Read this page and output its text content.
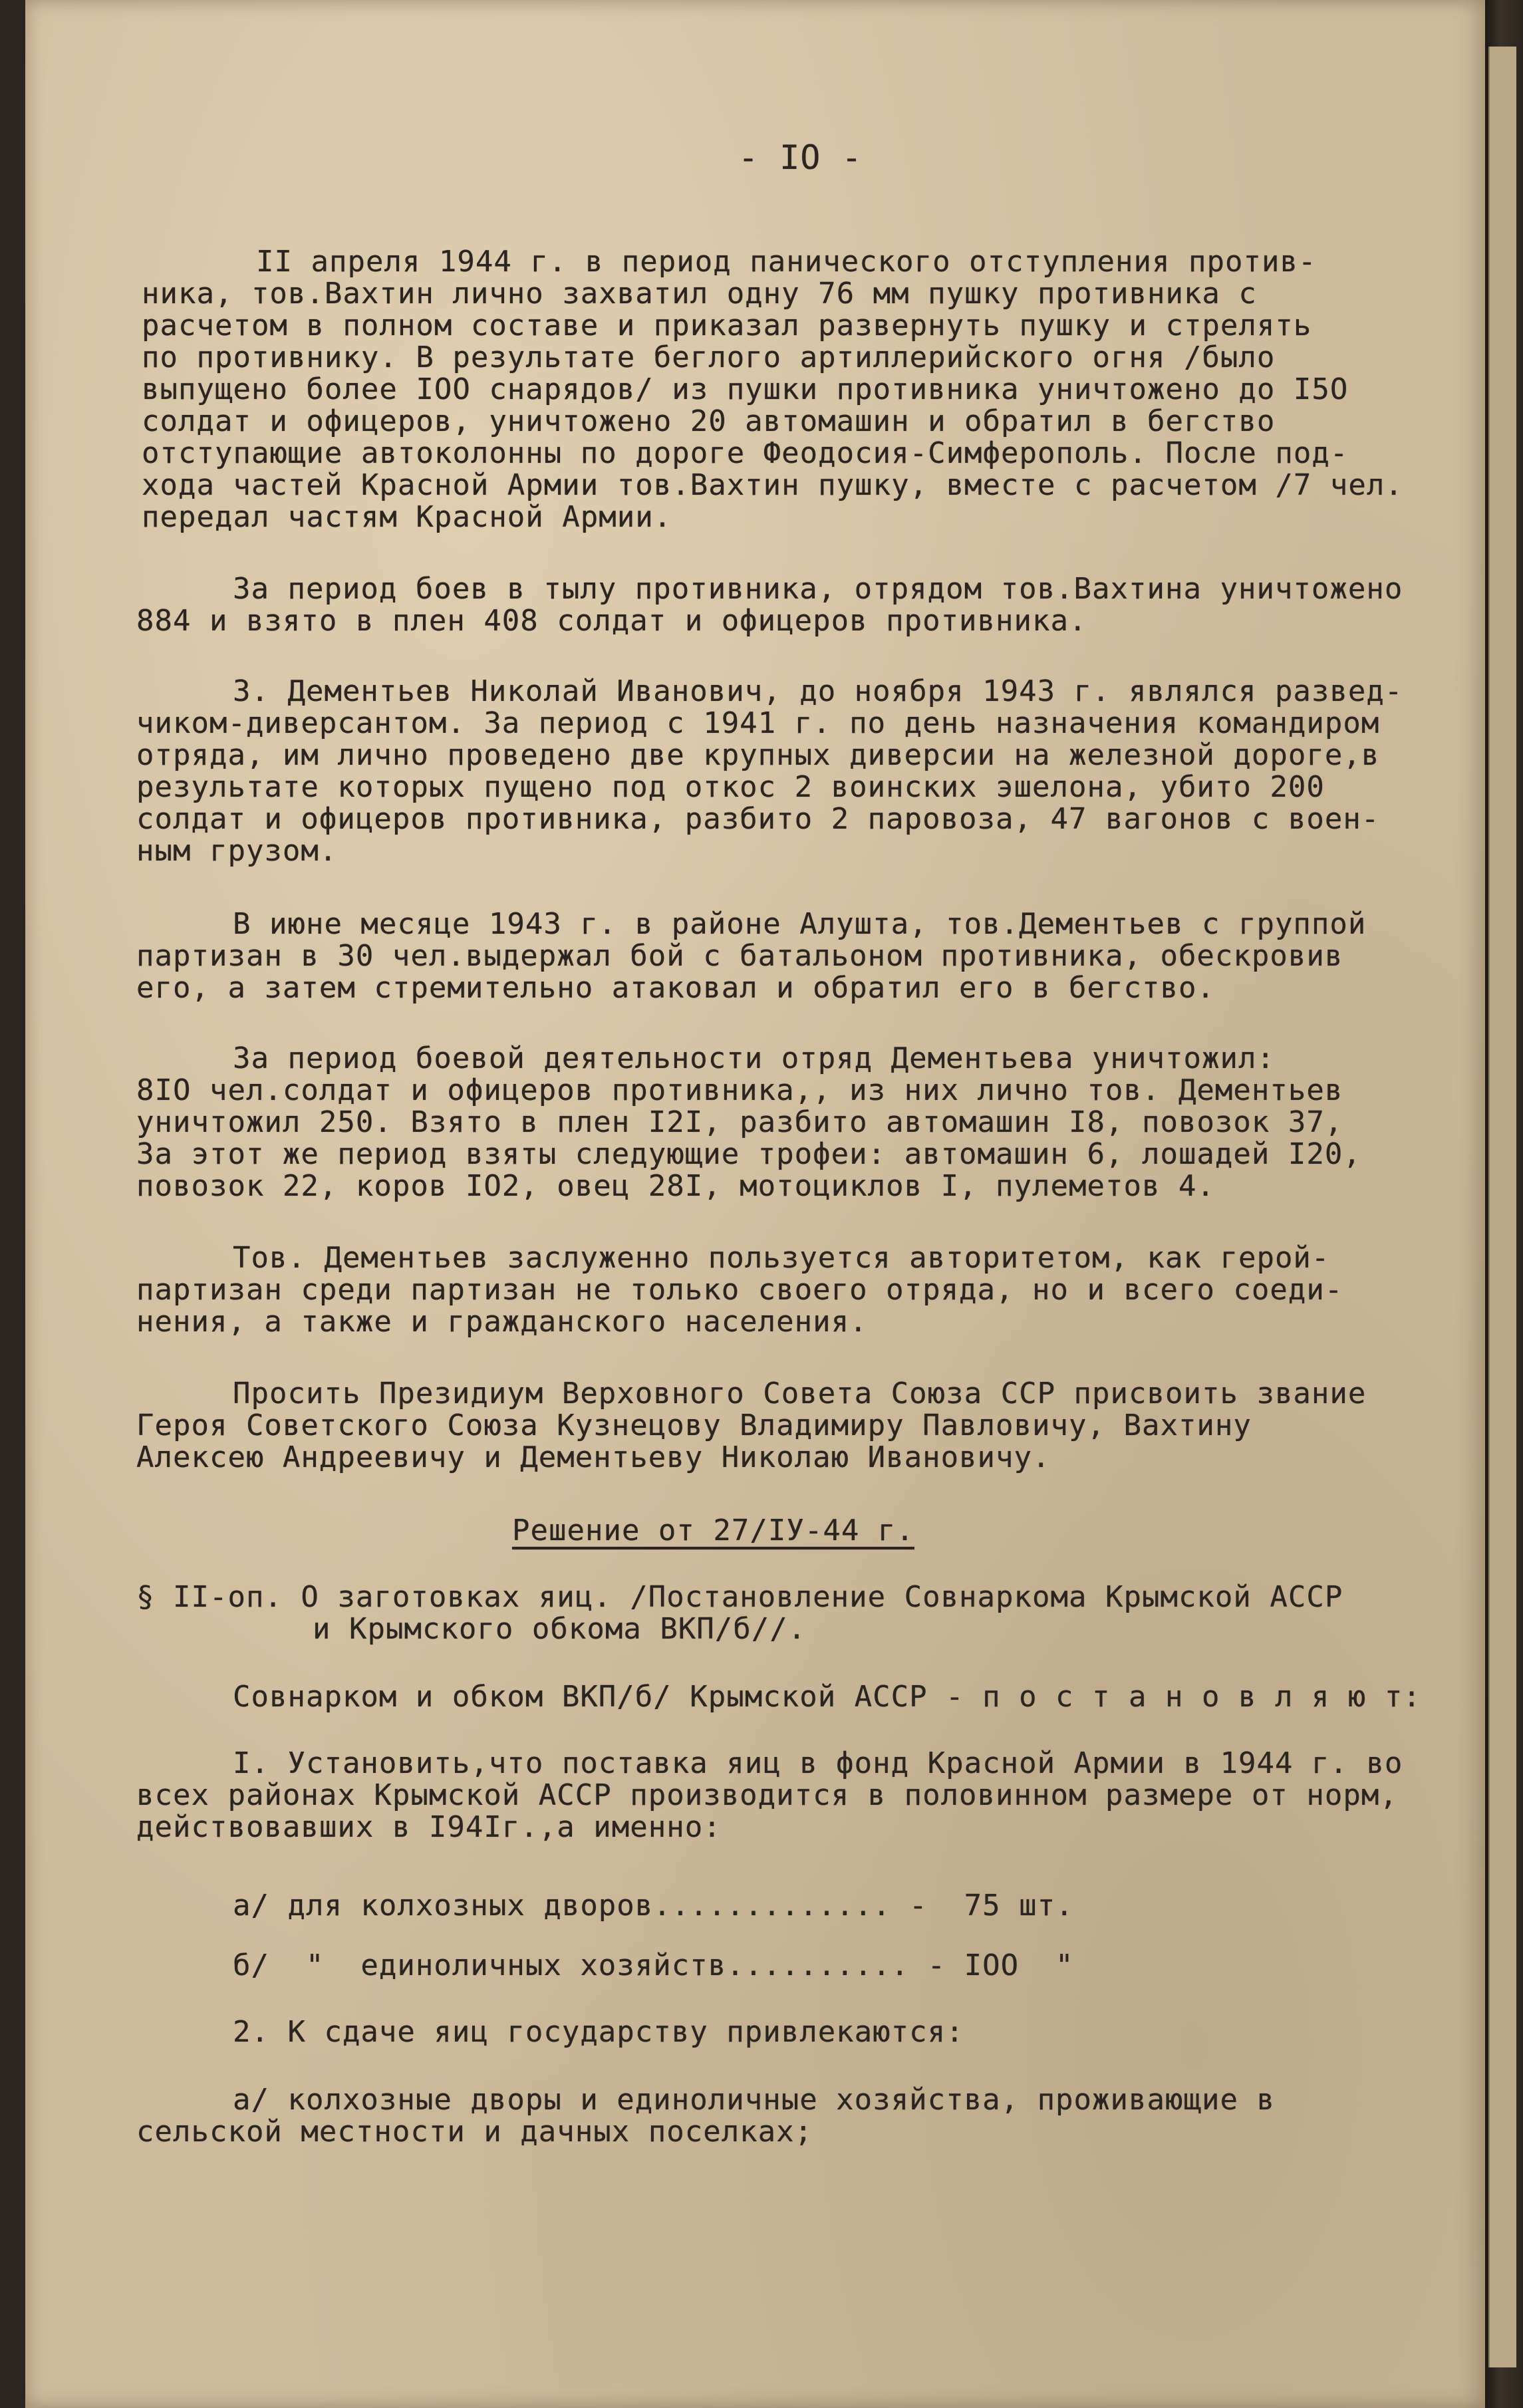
- IO -
II апреля 1944 г. в период панического отступления против-
ника, тов.Вахтин лично захватил одну 76 мм пушку противника с
расчетом в полном составе и приказал развернуть пушку и стрелять
по противнику. В результате беглого артиллерийского огня /было
выпущено более IOO снарядов/ из пушки противника уничтожено до I5O
солдат и офицеров, уничтожено 20 автомашин и обратил в бегство
отступающие автоколонны по дороге Феодосия-Симферополь. После под-
хода частей Красной Армии тов.Вахтин пушку, вместе с расчетом /7 чел.
передал частям Красной Армии.
За период боев в тылу противника, отрядом тов.Вахтина уничтожено
884 и взято в плен 408 солдат и офицеров противника.
3. Дементьев Николай Иванович, до ноября 1943 г. являлся развед-
чиком-диверсантом. За период с 1941 г. по день назначения командиром
отряда, им лично проведено две крупных диверсии на железной дороге,в
результате которых пущено под откос 2 воинских эшелона, убито 200
солдат и офицеров противника, разбито 2 паровоза, 47 вагонов с воен-
ным грузом.
В июне месяце 1943 г. в районе Алушта, тов.Дементьев с группой
партизан в 30 чел.выдержал бой с батальоном противника, обескровив
его, а затем стремительно атаковал и обратил его в бегство.
За период боевой деятельности отряд Дементьева уничтожил:
8IO чел.солдат и офицеров противника,, из них лично тов. Дементьев
уничтожил 250. Взято в плен I2I, разбито автомашин I8, повозок 37,
За этот же период взяты следующие трофеи: автомашин 6, лошадей I20,
повозок 22, коров IO2, овец 28I, мотоциклов I, пулеметов 4.
Тов. Дементьев заслуженно пользуется авторитетом, как герой-
партизан среди партизан не только своего отряда, но и всего соеди-
нения, а также и гражданского населения.
Просить Президиум Верховного Совета Союза ССР присвоить звание
Героя Советского Союза Кузнецову Владимиру Павловичу, Вахтину
Алексею Андреевичу и Дементьеву Николаю Ивановичу.
Решение от 27/IУ-44 г.
§ II-оп. О заготовках яиц. /Постановление Совнаркома Крымской АССР
и Крымского обкома ВКП/б//.
Совнарком и обком ВКП/б/ Крымской АССР - п о с т а н о в л я ю т:
I. Установить,что поставка яиц в фонд Красной Армии в 1944 г. во
всех районах Крымской АССР производится в половинном размере от норм,
действовавших в I94Iг.,а именно:
а/ для колхозных дворов............. -  75 шт.
б/  "  единоличных хозяйств.......... - IOO  "
2. К сдаче яиц государству привлекаются:
а/ колхозные дворы и единоличные хозяйства, проживающие в
сельской местности и дачных поселках;
